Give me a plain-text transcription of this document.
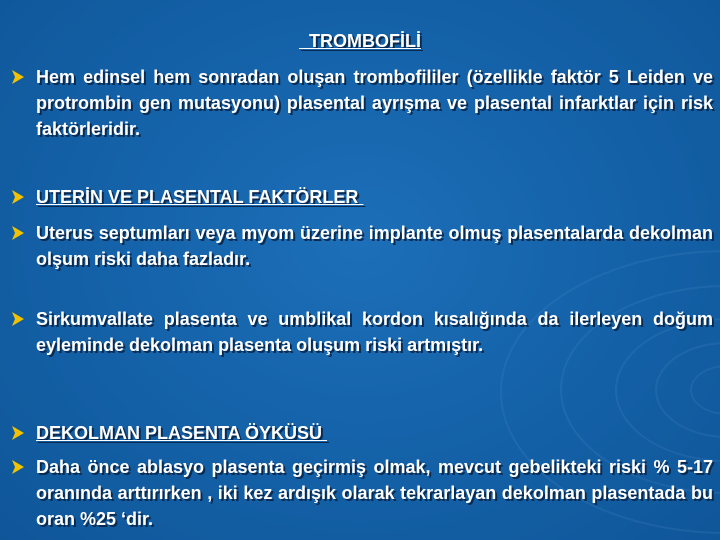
TROMBOFİLİ
Hem edinsel hem sonradan oluşan trombofililer (özellikle faktör 5 Leiden ve protrombin gen mutasyonu) plasental ayrışma ve plasental infarktlar için risk faktörleridir.
UTERİN VE PLASENTAL FAKTÖRLER
Uterus septumları veya myom üzerine implante olmuş plasentalarda dekolman olşum riski daha fazladır.
Sirkumvallate plasenta ve umblikal kordon kısalığında da ilerleyen doğum eyleminde dekolman plasenta oluşum riski artmıştır.
DEKOLMAN PLASENTA ÖYKÜSÜ
Daha önce ablasyo plasenta geçirmiş olmak, mevcut gebelikteki riski % 5-17 oranında arttırırken , iki kez ardışık olarak tekrarlayan dekolman plasentada bu oran %25 ‘dir.
